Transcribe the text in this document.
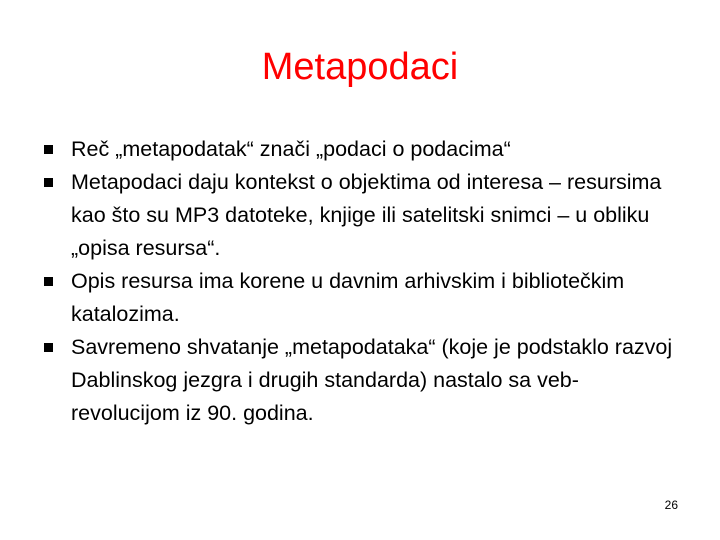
Metapodaci
Reč „metapodatak“ znači „podaci o podacima“
Metapodaci daju kontekst o objektima od interesa – resursima kao što su MP3 datoteke, knjige ili satelitski snimci – u obliku „opisa resursa“.
Opis resursa ima korene u davnim arhivskim i bibliotečkim katalozima.
Savremeno shvatanje „metapodataka“ (koje je podstaklo razvoj Dablinskog jezgra i drugih standarda) nastalo sa veb-revolucijom iz 90. godina.
26
